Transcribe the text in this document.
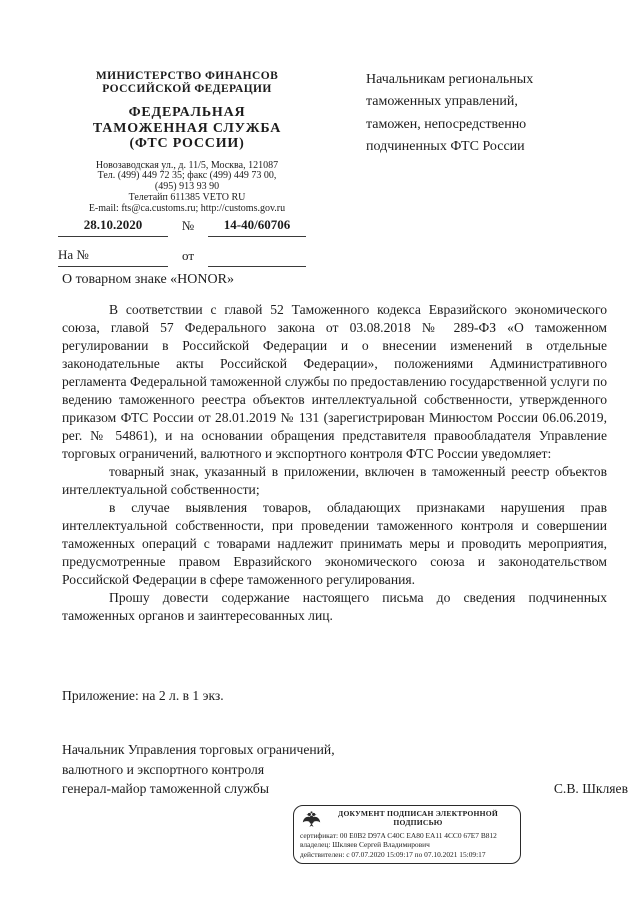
МИНИСТЕРСТВО ФИНАНСОВ
РОССИЙСКОЙ ФЕДЕРАЦИИ
ФЕДЕРАЛЬНАЯ
ТАМОЖЕННАЯ СЛУЖБА
(ФТС РОССИИ)
Новозаводская ул., д. 11/5, Москва, 121087
Тел. (499) 449 72 35; факс (499) 449 73 00,
(495) 913 93 90
Телетайп 611385 VETO RU
E-mail: fts@ca.customs.ru; http://customs.gov.ru
Начальникам региональных
таможенных управлений,
таможен, непосредственно
подчиненных ФТС России
28.10.2020	№	14-40/60706
На №	от
О товарном знаке «HONOR»

В соответствии с главой 52 Таможенного кодекса Евразийского экономического союза, главой 57 Федерального закона от 03.08.2018 № 289-ФЗ «О таможенном регулировании в Российской Федерации и о внесении изменений в отдельные законодательные акты Российской Федерации», положениями Административного регламента Федеральной таможенной службы по предоставлению государственной услуги по ведению таможенного реестра объектов интеллектуальной собственности, утвержденного приказом ФТС России от 28.01.2019 № 131 (зарегистрирован Минюстом России 06.06.2019, рег. № 54861), и на основании обращения представителя правообладателя Управление торговых ограничений, валютного и экспортного контроля ФТС России уведомляет:

товарный знак, указанный в приложении, включен в таможенный реестр объектов интеллектуальной собственности;

в случае выявления товаров, обладающих признаками нарушения прав интеллектуальной собственности, при проведении таможенного контроля и совершении таможенных операций с товарами надлежит принимать меры и проводить мероприятия, предусмотренные правом Евразийского экономического союза и законодательством Российской Федерации в сфере таможенного регулирования.

Прошу довести содержание настоящего письма до сведения подчиненных таможенных органов и заинтересованных лиц.

Приложение: на 2 л. в 1 экз.
Начальник Управления торговых ограничений,
валютного и экспортного контроля
генерал-майор таможенной службы	С.В. Шкляев
ДОКУМЕНТ ПОДПИСАН ЭЛЕКТРОННОЙ ПОДПИСЬЮ
сертификат: 00 E0B2 D97A C40C EA80 EA11 4CC0 67E7 B812
владелец: Шкляев Сергей Владимирович
действителен: с 07.07.2020 15:09:17 по 07.10.2021 15:09:17
